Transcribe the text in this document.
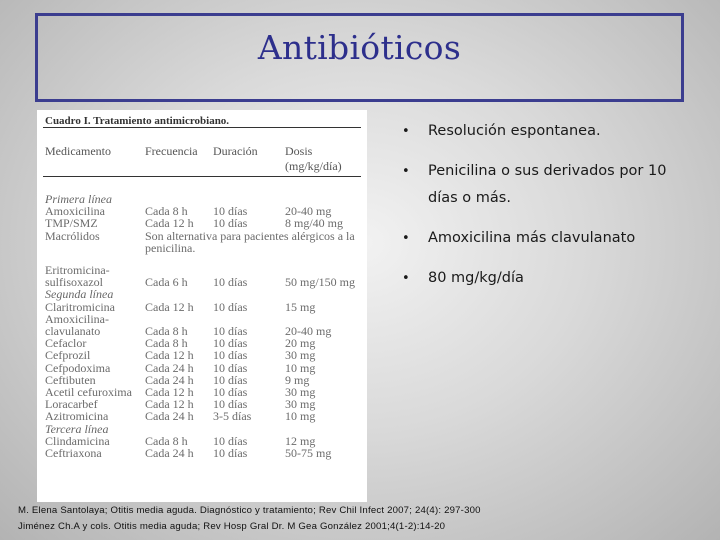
Antibióticos
Cuadro I. Tratamiento antimicrobiano.
Medicamento	Frecuencia	Duración	Dosis (mg/kg/día)
Primera línea			
Amoxicilina	Cada 8 h	10 días	20-40 mg
TMP/SMZ	Cada 12 h	10 días	8 mg/40 mg
Macrólidos	Son alternativa para pacientes alérgicos a la penicilina.		

Eritromicina-			
sulfisoxazol	Cada 6 h	10 días	50 mg/150 mg
Segunda línea			
Claritromicina	Cada 12 h	10 días	15 mg
Amoxicilina-			
clavulanato	Cada 8 h	10 días	20-40 mg
Cefaclor	Cada 8 h	10 días	20 mg
Cefprozil	Cada 12 h	10 días	30 mg
Cefpodoxima	Cada 24 h	10 días	10 mg
Ceftibuten	Cada 24 h	10 días	9 mg
Acetil cefuroxima	Cada 12 h	10 días	30 mg
Loracarbef	Cada 12 h	10 días	30 mg
Azitromicina	Cada 24 h	3-5 días	10 mg
Tercera línea			
Clindamicina	Cada 8 h	10 días	12 mg
Ceftriaxona	Cada 24 h	10 días	50-75 mg
• Resolución espontanea.
• Penicilina o sus derivados por 10 días o más.
• Amoxicilina más clavulanato
• 80 mg/kg/día
M. Elena Santolaya; Otitis media aguda. Diagnóstico y tratamiento; Rev Chil Infect 2007; 24(4): 297-300
Jiménez Ch.A y cols. Otitis media aguda; Rev Hosp Gral Dr. M Gea González 2001;4(1-2):14-20
